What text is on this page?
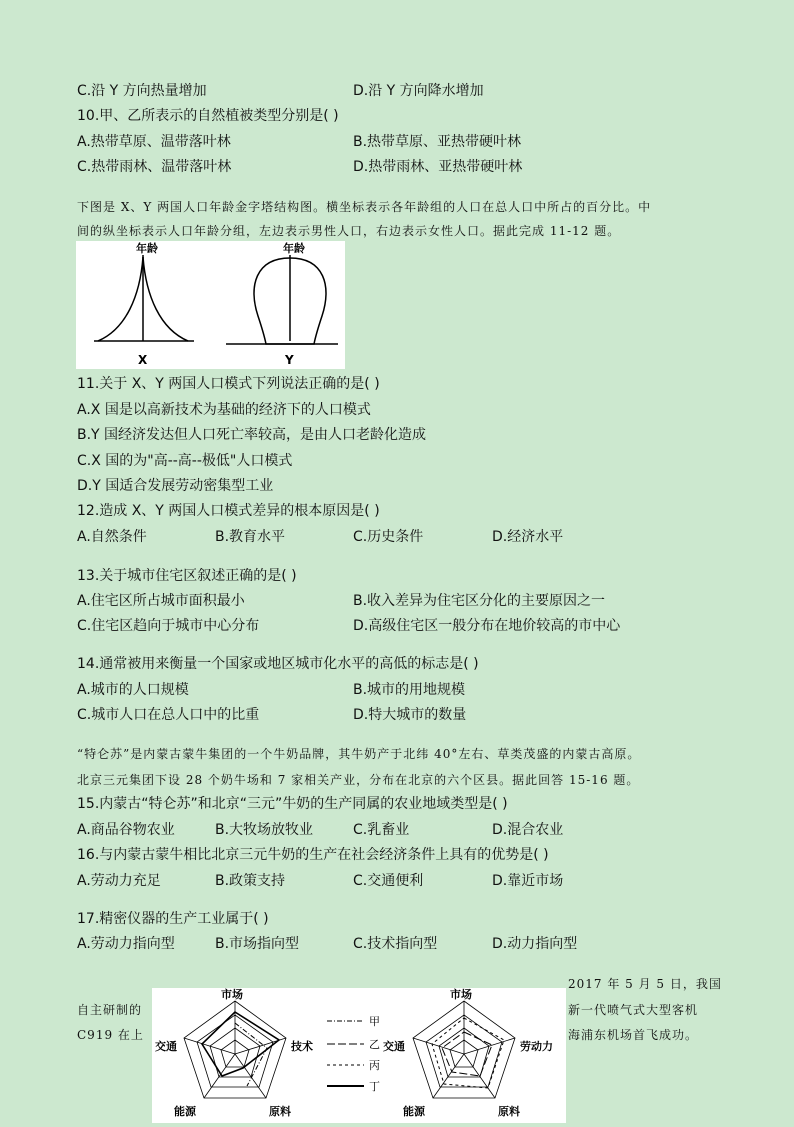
C.沿 Y 方向热量增加	D.沿 Y 方向降水增加
10.甲、乙所表示的自然植被类型分别是( )
A.热带草原、温带落叶林	B.热带草原、亚热带硬叶林
C.热带雨林、温带落叶林	D.热带雨林、亚热带硬叶林
下图是 X、Y 两国人口年龄金字塔结构图。横坐标表示各年龄组的人口在总人口中所占的百分比。中
间的纵坐标表示人口年龄分组，左边表示男性人口，右边表示女性人口。据此完成 11-12 题。
年龄
X
年龄
Y
11.关于 X、Y 两国人口模式下列说法正确的是( )
A.X 国是以高新技术为基础的经济下的人口模式
B.Y 国经济发达但人口死亡率较高，是由人口老龄化造成
C.X 国的为"高--高--极低"人口模式
D.Y 国适合发展劳动密集型工业
12.造成 X、Y 两国人口模式差异的根本原因是( )
A.自然条件	B.教育水平	C.历史条件	D.经济水平
13.关于城市住宅区叙述正确的是( )
A.住宅区所占城市面积最小	B.收入差异为住宅区分化的主要原因之一
C.住宅区趋向于城市中心分布	D.高级住宅区一般分布在地价较高的市中心
14.通常被用来衡量一个国家或地区城市化水平的高低的标志是( )
A.城市的人口规模	B.城市的用地规模
C.城市人口在总人口中的比重	D.特大城市的数量
“特仑苏”是内蒙古蒙牛集团的一个牛奶品牌，其牛奶产于北纬 40°左右、草类茂盛的内蒙古高原。
北京三元集团下设 28 个奶牛场和 7 家相关产业，分布在北京的六个区县。据此回答 15-16 题。
15.内蒙古“特仑苏”和北京“三元”牛奶的生产同属的农业地域类型是( )
A.商品谷物农业	B.大牧场放牧业	C.乳畜业	D.混合农业
16.与内蒙古蒙牛相比北京三元牛奶的生产在社会经济条件上具有的优势是( )
A.劳动力充足	B.政策支持	C.交通便利	D.靠近市场
17.精密仪器的生产工业属于( )
A.劳动力指向型	B.市场指向型	C.技术指向型	D.动力指向型
2017 年 5 月 5 日，我国
自主研制的	新一代喷气式大型客机
C919 在上	海浦东机场首飞成功。
市场
技术
原料
能源
交通
甲
乙
丙
丁
市场
劳动力
原料
能源
交通
